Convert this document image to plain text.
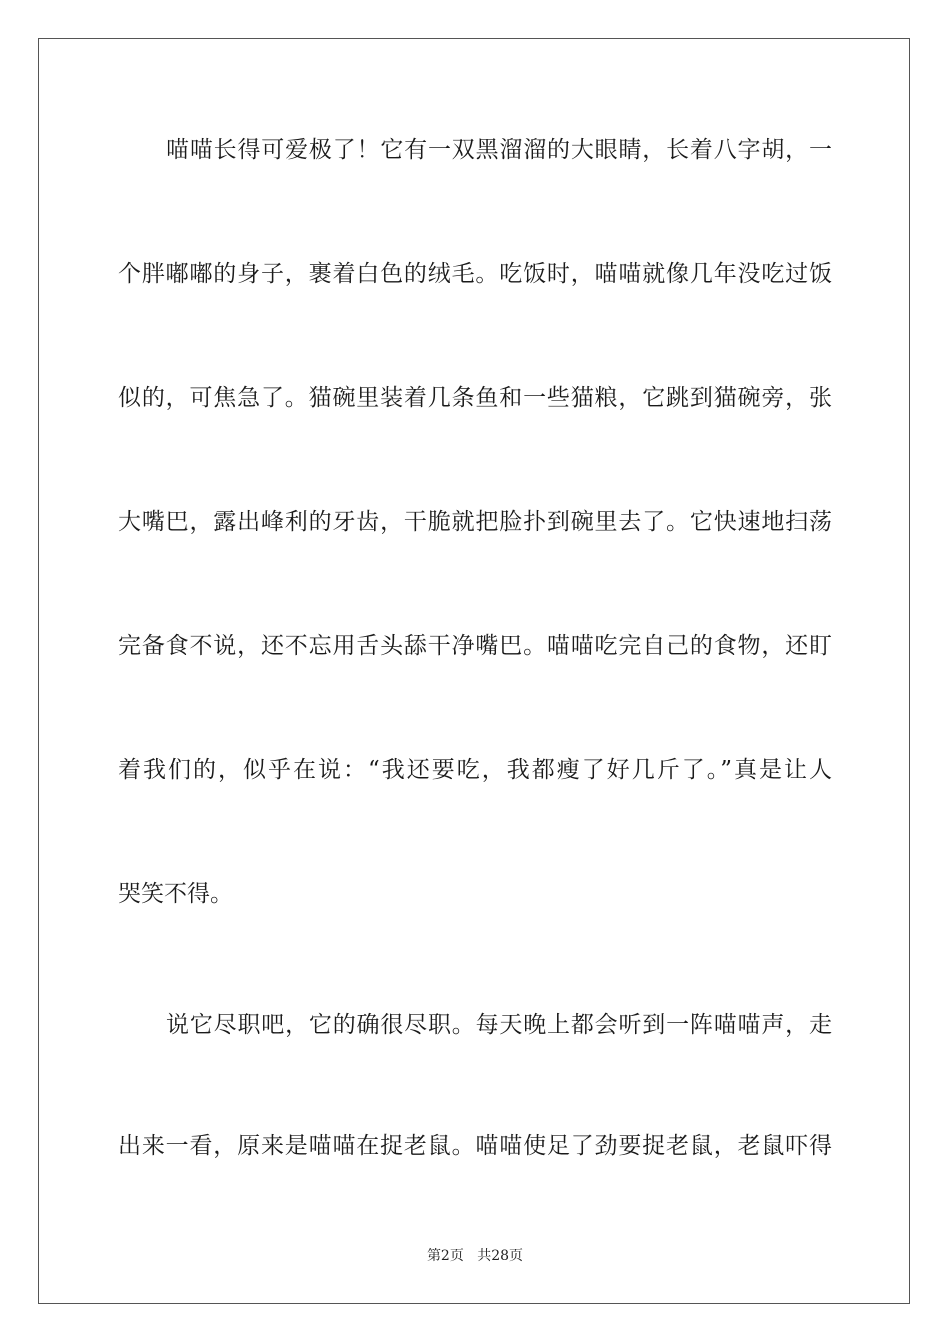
喵喵长得可爱极了！它有一双黑溜溜的大眼睛，长着八字胡，一
个胖嘟嘟的身子，裹着白色的绒毛。吃饭时，喵喵就像几年没吃过饭
似的，可焦急了。猫碗里装着几条鱼和一些猫粮，它跳到猫碗旁，张
大嘴巴，露出峰利的牙齿，干脆就把脸扑到碗里去了。它快速地扫荡
完备食不说，还不忘用舌头舔干净嘴巴。喵喵吃完自己的食物，还盯
着我们的，似乎在说：“我还要吃，我都瘦了好几斤了。”真是让人
哭笑不得。
说它尽职吧，它的确很尽职。每天晚上都会听到一阵喵喵声，走
出来一看，原来是喵喵在捉老鼠。喵喵使足了劲要捉老鼠，老鼠吓得
第2页 共28页
